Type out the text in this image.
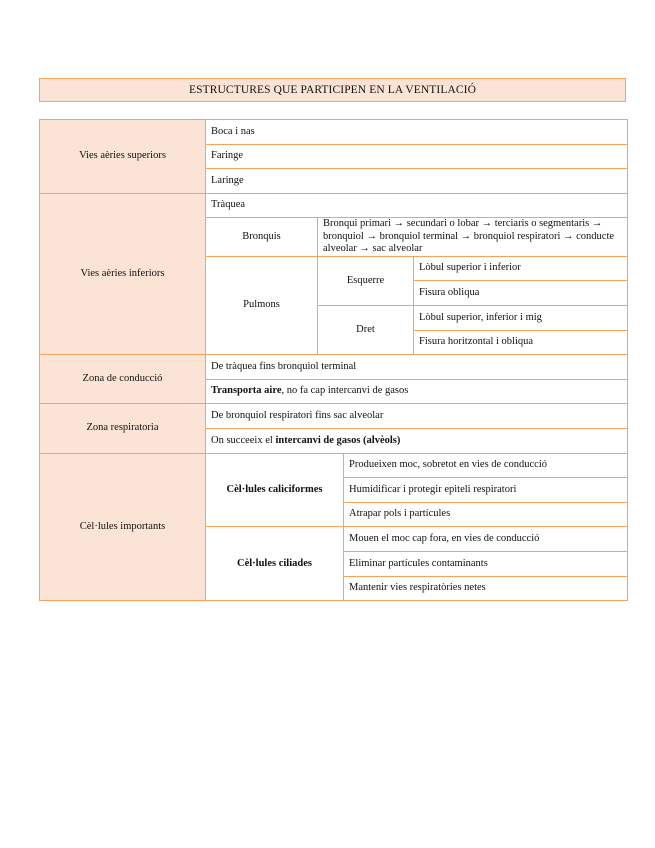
ESTRUCTURES QUE PARTICIPEN EN LA VENTILACIÓ
Vies aèries superiors	Boca i nas			
	Faringe			
	Laringe			
Vies aèries inferiors	Tràquea			
	Bronquis	Bronqui primari → secundari o lobar → terciaris o segmentaris → bronquiol → bronquiol terminal → bronquiol respiratori → conducte alveolar → sac alveolar		
	Pulmons	Esquerre		Lòbul superior i inferior
				Fisura obliqua
		Dret		Lòbul superior, inferior i mig
				Fisura horitzontal i obliqua
Zona de conducció	De tràquea fins bronquiol terminal			
	Transporta aire, no fa cap intercanvi de gasos			
Zona respiratoria	De bronquiol respiratori fins sac alveolar			
	On succeeix el intercanvi de gasos (alvèols)			
Cèl·lules importants	Cèl·lules caliciformes		Produeixen moc, sobretot en vies de conducció	
			Humidificar i protegir epiteli respiratori	
			Atrapar pols i partícules	
	Cèl·lules ciliades		Mouen el moc cap fora, en vies de conducció	
			Eliminar partícules contaminants	
			Mantenir vies respiratòries netes	
